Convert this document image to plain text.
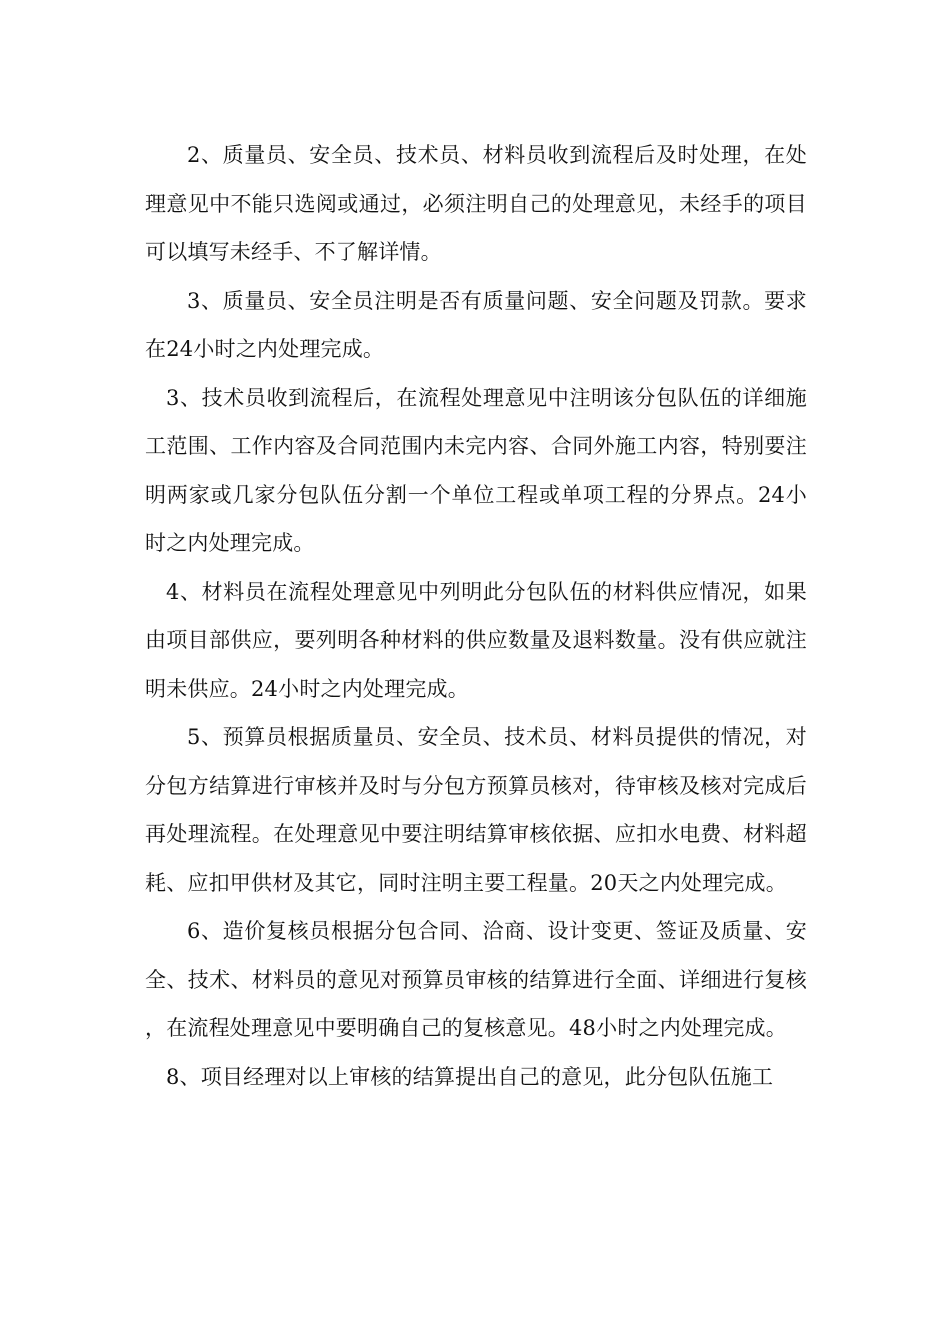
2、质量员、安全员、技术员、材料员收到流程后及时处理，在处理意见中不能只选阅或通过，必须注明自己的处理意见，未经手的项目可以填写未经手、不了解详情。

3、质量员、安全员注明是否有质量问题、安全问题及罚款。要求在24小时之内处理完成。

3、技术员收到流程后，在流程处理意见中注明该分包队伍的详细施工范围、工作内容及合同范围内未完内容、合同外施工内容，特别要注明两家或几家分包队伍分割一个单位工程或单项工程的分界点。24小时之内处理完成。

4、材料员在流程处理意见中列明此分包队伍的材料供应情况，如果由项目部供应，要列明各种材料的供应数量及退料数量。没有供应就注明未供应。24小时之内处理完成。

5、预算员根据质量员、安全员、技术员、材料员提供的情况，对分包方结算进行审核并及时与分包方预算员核对，待审核及核对完成后再处理流程。在处理意见中要注明结算审核依据、应扣水电费、材料超耗、应扣甲供材及其它，同时注明主要工程量。20天之内处理完成。

6、造价复核员根据分包合同、洽商、设计变更、签证及质量、安全、技术、材料员的意见对预算员审核的结算进行全面、详细进行复核，在流程处理意见中要明确自己的复核意见。48小时之内处理完成。

8、项目经理对以上审核的结算提出自己的意见，此分包队伍施工
